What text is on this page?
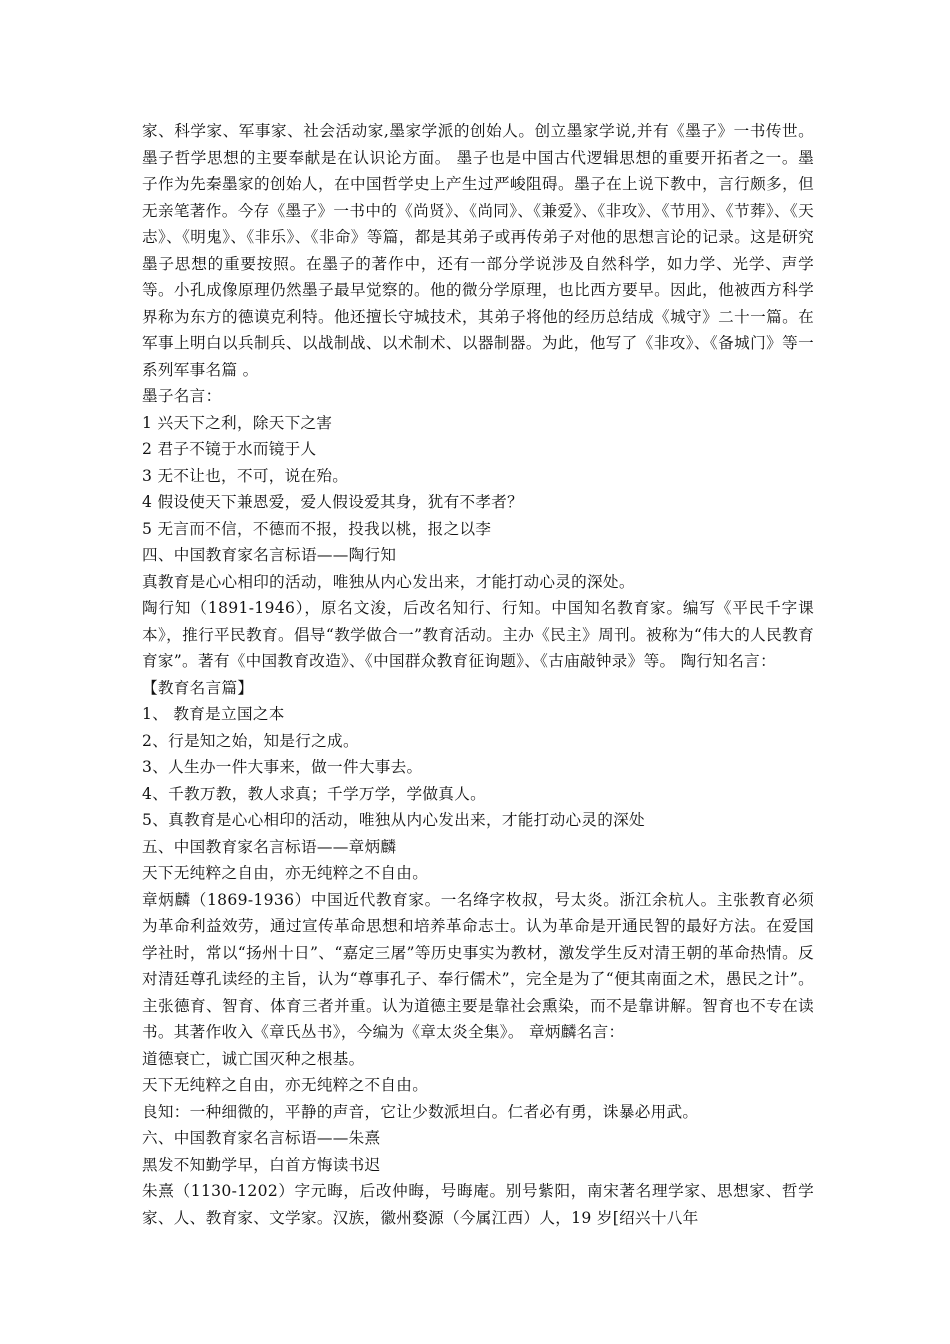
家、科学家、军事家、社会活动家,墨家学派的创始人。创立墨家学说,并有《墨子》一书传世。墨子哲学思想的主要奉献是在认识论方面。 墨子也是中国古代逻辑思想的重要开拓者之一。墨子作为先秦墨家的创始人，在中国哲学史上产生过严峻阻碍。墨子在上说下教中，言行颇多，但无亲笔著作。今存《墨子》一书中的《尚贤》、《尚同》、《兼爱》、《非攻》、《节用》、《节葬》、《天志》、《明鬼》、《非乐》、《非命》等篇，都是其弟子或再传弟子对他的思想言论的记录。这是研究墨子思想的重要按照。在墨子的著作中，还有一部分学说涉及自然科学，如力学、光学、声学等。小孔成像原理仍然墨子最早觉察的。他的微分学原理，也比西方要早。因此，他被西方科学界称为东方的德谟克利特。他还擅长守城技术，其弟子将他的经历总结成《城守》二十一篇。在军事上明白以兵制兵、以战制战、以术制术、以器制器。为此，他写了《非攻》、《备城门》等一系列军事名篇 。

墨子名言：

1 兴天下之利，除天下之害

2 君子不镜于水而镜于人

3 无不让也，不可，说在殆。

4 假设使天下兼恩爱，爱人假设爱其身，犹有不孝者？

5 无言而不信，不德而不报，投我以桃，报之以李

四、中国教育家名言标语——陶行知

真教育是心心相印的活动，唯独从内心发出来，才能打动心灵的深处。

陶行知（1891-1946），原名文浚，后改名知行、行知。中国知名教育家。编写《平民千字课本》，推行平民教育。倡导“教学做合一”教育活动。主办《民主》周刊。被称为“伟大的人民教育育家”。著有《中国教育改造》、《中国群众教育征询题》、《古庙敲钟录》等。 陶行知名言：

【教育名言篇】

1、 教育是立国之本

2、行是知之始，知是行之成。

3、人生办一件大事来，做一件大事去。

4、千教万教，教人求真；千学万学，学做真人。

5、真教育是心心相印的活动，唯独从内心发出来，才能打动心灵的深处

五、中国教育家名言标语——章炳麟

天下无纯粹之自由，亦无纯粹之不自由。

章炳麟（1869-1936）中国近代教育家。一名绛字枚叔，号太炎。浙江余杭人。主张教育必须为革命利益效劳，通过宣传革命思想和培养革命志士。认为革命是开通民智的最好方法。在爱国学社时，常以“扬州十日”、“嘉定三屠”等历史事实为教材，激发学生反对清王朝的革命热情。反对清廷尊孔读经的主旨，认为“尊事孔子、奉行儒术”，完全是为了“便其南面之术，愚民之计”。主张德育、智育、体育三者并重。认为道德主要是靠社会熏染，而不是靠讲解。智育也不专在读书。其著作收入《章氏丛书》，今编为《章太炎全集》。 章炳麟名言：

道德衰亡，诚亡国灭种之根基。

天下无纯粹之自由，亦无纯粹之不自由。

良知：一种细微的，平静的声音，它让少数派坦白。仁者必有勇，诛暴必用武。

六、中国教育家名言标语——朱熹

黑发不知勤学早，白首方悔读书迟

朱熹（1130-1202）字元晦，后改仲晦，号晦庵。别号紫阳，南宋著名理学家、思想家、哲学家、人、教育家、文学家。汉族，徽州婺源（今属江西）人，19 岁[绍兴十八年
